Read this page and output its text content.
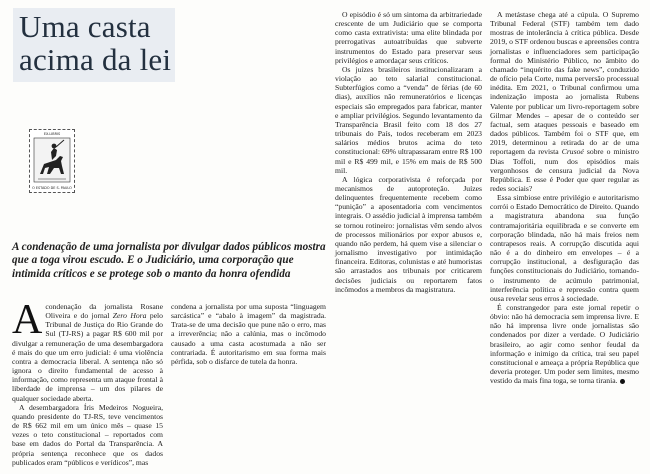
Uma casta acima da lei
EX-LIBRIS
O ESTADO DE S. PAULO

A condenação de uma jornalista por divulgar dados públicos mostra que a toga virou escudo. E o Judiciário, uma corporação que intimida críticos e se protege sob o manto da honra ofendida

Acondenação da jornalista Rosane Oliveira e do jornal Zero Hora pelo Tribunal de Justiça do Rio Grande do Sul (TJ-RS) a pagar R$ 600 mil por divulgar a remuneração de uma desembargadora é mais do que um erro judicial: é uma violência contra a democracia liberal. A sentença não só ignora o direito fundamental de acesso à informação, como representa um ataque frontal à liberdade de imprensa – um dos pilares de qualquer sociedade aberta.

A desembargadora Íris Medeiros Nogueira, quando presidente do TJ-RS, teve vencimentos de R$ 662 mil em um único mês – quase 15 vezes o teto constitucional – reportados com base em dados do Portal da Transparência. A própria sentença reconhece que os dados publicados eram “públicos e verídicos”, mas

condena a jornalista por uma suposta “linguagem sarcástica” e “abalo à imagem” da magistrada. Trata-se de uma decisão que pune não o erro, mas a irreverência; não a calúnia, mas o incômodo causado a uma casta acostumada a não ser contrariada. É autoritarismo em sua forma mais pérfida, sob o disfarce de tutela da honra.

O episódio é só um sintoma da arbitrariedade crescente de um Judiciário que se comporta como casta extrativista: uma elite blindada por prerrogativas autoatribuídas que subverte instrumentos do Estado para preservar seus privilégios e amordaçar seus críticos.

Os juízes brasileiros institucionalizaram a violação ao teto salarial constitucional. Subterfúgios como a “venda” de férias (de 60 dias), auxílios não remuneratórios e licenças especiais são empregados para fabricar, manter e ampliar privilégios. Segundo levantamento da Transparência Brasil feito com 18 dos 27 tribunais do País, todos receberam em 2023 salários médios brutos acima do teto constitucional: 69% ultrapassaram entre R$ 100 mil e R$ 499 mil, e 15% em mais de R$ 500 mil.

A lógica corporativista é reforçada por mecanismos de autoproteção. Juízes delinquentes frequentemente recebem como “punição” a aposentadoria com vencimentos integrais. O assédio judicial à imprensa também se tornou rotineiro: jornalistas vêm sendo alvos de processos milionários por expor abusos e, quando não perdem, há quem vise a silenciar o jornalismo investigativo por intimidação financeira. Editoras, colunistas e até humoristas são arrastados aos tribunais por criticarem decisões judiciais ou reportarem fatos incômodos a membros da magistratura.

A metástase chega até a cúpula. O Supremo Tribunal Federal (STF) também tem dado mostras de intolerância à crítica pública. Desde 2019, o STF ordenou buscas e apreensões contra jornalistas e influenciadores sem participação formal do Ministério Público, no âmbito do chamado “inquérito das fake news”, conduzido de ofício pela Corte, numa perversão processual inédita. Em 2021, o Tribunal confirmou uma indenização imposta ao jornalista Rubens Valente por publicar um livro-reportagem sobre Gilmar Mendes – apesar de o conteúdo ser factual, sem ataques pessoais e baseado em dados públicos. Também foi o STF que, em 2019, determinou a retirada do ar de uma reportagem da revista Crusoé sobre o ministro Dias Toffoli, num dos episódios mais vergonhosos de censura judicial da Nova República. E esse é Poder que quer regular as redes sociais?

Essa simbiose entre privilégio e autoritarismo corrói o Estado Democrático de Direito. Quando a magistratura abandona sua função contramajoritária equilibrada e se converte em corporação blindada, não há mais freios nem contrapesos reais. A corrupção discutida aqui não é a do dinheiro em envelopes – é a corrupção institucional, a desfiguração das funções constitucionais do Judiciário, tornando-o instrumento de acúmulo patrimonial, interferência política e repressão contra quem ousa revelar seus erros à sociedade.

É constrangedor para este jornal repetir o óbvio: não há democracia sem imprensa livre. E não há imprensa livre onde jornalistas são condenados por dizer a verdade. O Judiciário brasileiro, ao agir como senhor feudal da informação e inimigo da crítica, trai seu papel constitucional e ameaça a própria República que deveria proteger. Um poder sem limites, mesmo vestido da mais fina toga, se torna tirania.
